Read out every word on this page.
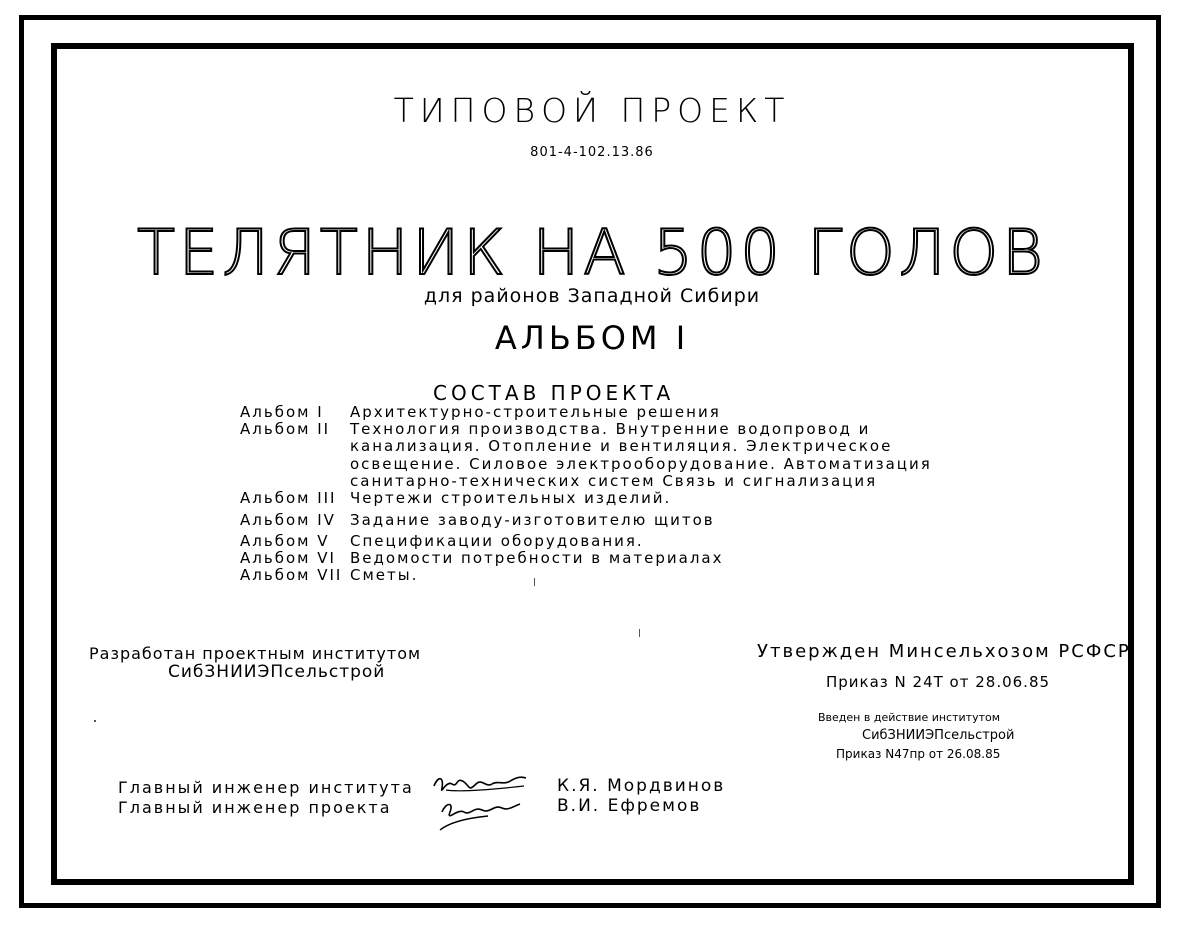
ТИПОВОЙ ПРОЕКТ
801-4-102.13.86
ТЕЛЯТНИК НА 500 ГОЛОВ
для районов Западной Сибири
АЛЬБОМ I
СОСТАВ ПРОЕКТА
Альбом I Архитектурно-строительные решения
Альбом II Технология производства. Внутренние водопровод и
канализация. Отопление и вентиляция. Электрическое
освещение. Силовое электрооборудование. Автоматизация
санитарно-технических систем Связь и сигнализация
Альбом III Чертежи строительных изделий.
Альбом IV Задание заводу-изготовителю щитов
Альбом V Спецификации оборудования.
Альбом VI Ведомости потребности в материалах
Альбом VII Сметы.
Разработан проектным институтом
СибЗНИИЭПсельстрой
Утвержден Минсельхозом РСФСР
Приказ N 24Т от 28.06.85
Введен в действие институтом
СибЗНИИЭПсельстрой
Приказ N47пр от 26.08.85
Главный инженер института
Главный инженер проекта
К.Я. Мордвинов
В.И. Ефремов
